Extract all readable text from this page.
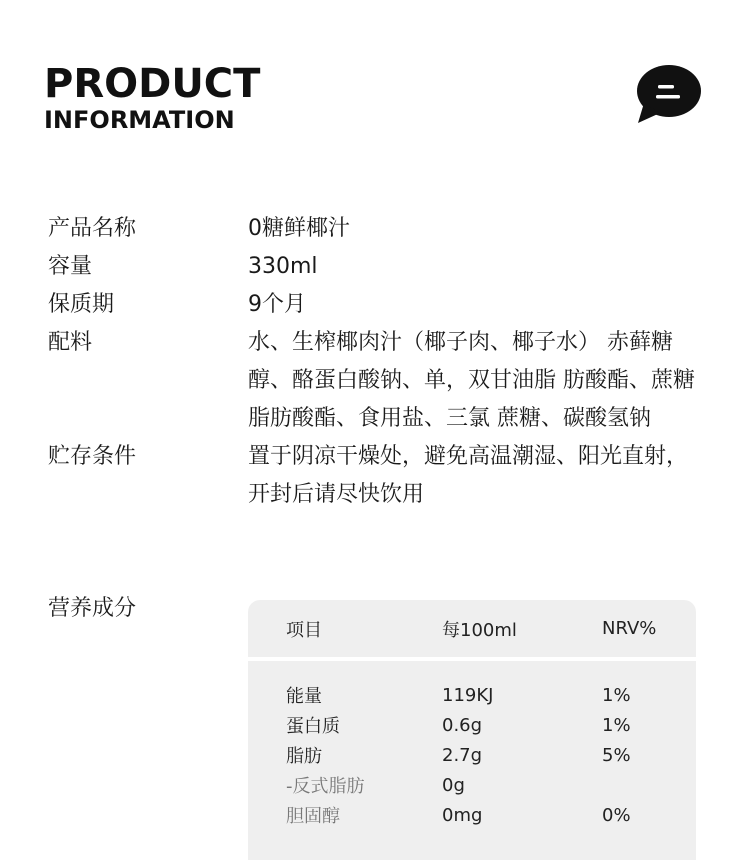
PRODUCT
INFORMATION
产品名称	0糖鲜椰汁
容量	330ml
保质期	9个月
配料	水、生榨椰肉汁（椰子肉、椰子水） 赤藓糖醇、酪蛋白酸钠、单，双甘油脂 肪酸酯、蔗糖脂肪酸酯、食用盐、三氯 蔗糖、碳酸氢钠
贮存条件	置于阴凉干燥处，避免高温潮湿、阳光直射，开封后请尽快饮用
营养成分
项目	每100ml	NRV%
能量	119KJ	1%
蛋白质	0.6g	1%
脂肪	2.7g	5%
-反式脂肪	0g
胆固醇	0mg	0%
